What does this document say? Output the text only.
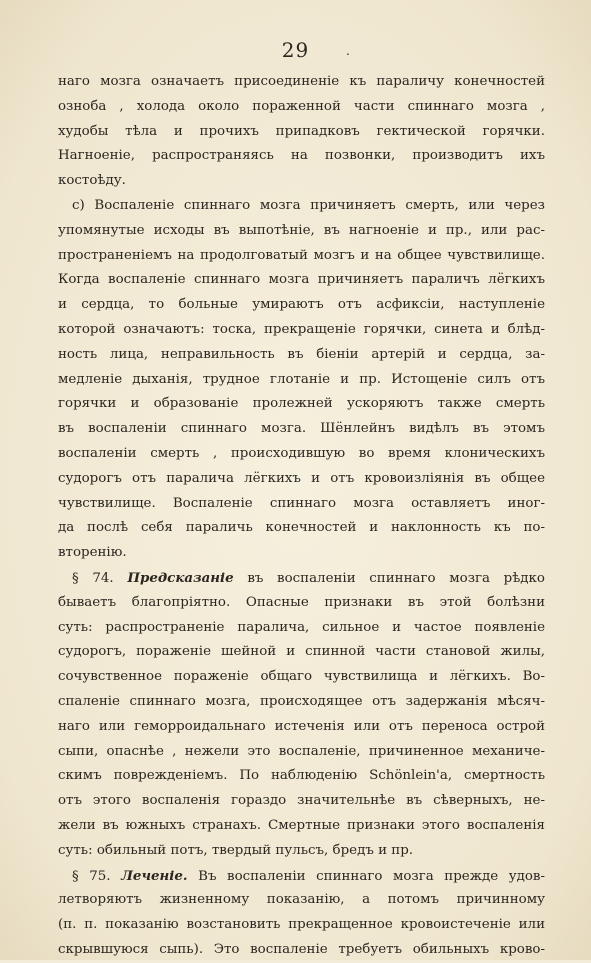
29	.
наго мозга означаетъ присоединеніе къ параличу конечностей
озноба , холода около пораженной части спиннаго мозга ,
худобы тѣла и прочихъ припадковъ гектической горячки.
Нагноеніе, распространяясь на позвонки, производитъ ихъ
костоѣду.
c) Воспаленіе спиннаго мозга причиняетъ смерть, или через
упомянутые исходы въ выпотѣніе, въ нагноеніе и пр., или рас-
пространеніемъ на продолговатый мозгъ и на общее чувствилище.
Когда воспаленіе спиннаго мозга причиняетъ параличъ лёгкихъ
и сердца, то больные умираютъ отъ асфиксіи, наступленіе
которой означаютъ: тоска, прекращеніе горячки, синета и блѣд-
ность лица, неправильность въ біеніи артерій и сердца, за-
медленіе дыханія, трудное глотаніе и пр. Истощеніе силъ отъ
горячки и образованіе пролежней ускоряютъ также смерть
въ воспаленіи спиннаго мозга. Шёнлейнъ видѣлъ въ этомъ
воспаленіи смерть , происходившую во время клоническихъ
судорогъ отъ паралича лёгкихъ и отъ кровоизлiянія въ общее
чувствилище. Воспаленіе спиннаго мозга оставляетъ иног-
да послѣ себя параличь конечностей и наклонность къ по-
вторенію.
§ 74. Предсказаніе въ воспаленіи спиннаго мозга рѣдко
бываетъ благопріятно. Опасные признаки въ этой болѣзни
суть: распространеніе паралича, сильное и частое появленіе
судорогъ, пораженіе шейной и спинной части становой жилы,
сочувственное пораженіе общаго чувствилища и лёгкихъ. Во-
спаленіе спиннаго мозга, происходящее отъ задержанія мѣсяч-
наго или геморроидальнаго истеченія или отъ переноса острой
сыпи, опаснѣе , нежели это воспаленіе, причиненное механиче-
скимъ поврежденіемъ. По наблюденію Schönlein'а, смертность
отъ этого воспаленія гораздо значительнѣе въ сѣверныхъ, не-
жели въ южныхъ странахъ. Смертные признаки этого воспаленія
суть: обильный потъ, твердый пульсъ, бредъ и пр.
§ 75. Леченіе. Въ воспаленіи спиннаго мозга прежде удов-
летворяютъ жизненному показанію, а потомъ причинному
(п. п. показанію возстановить прекращенное кровоистеченіе или
скрывшуюся сыпь). Это воспаленіе требуетъ обильныхъ крово-
